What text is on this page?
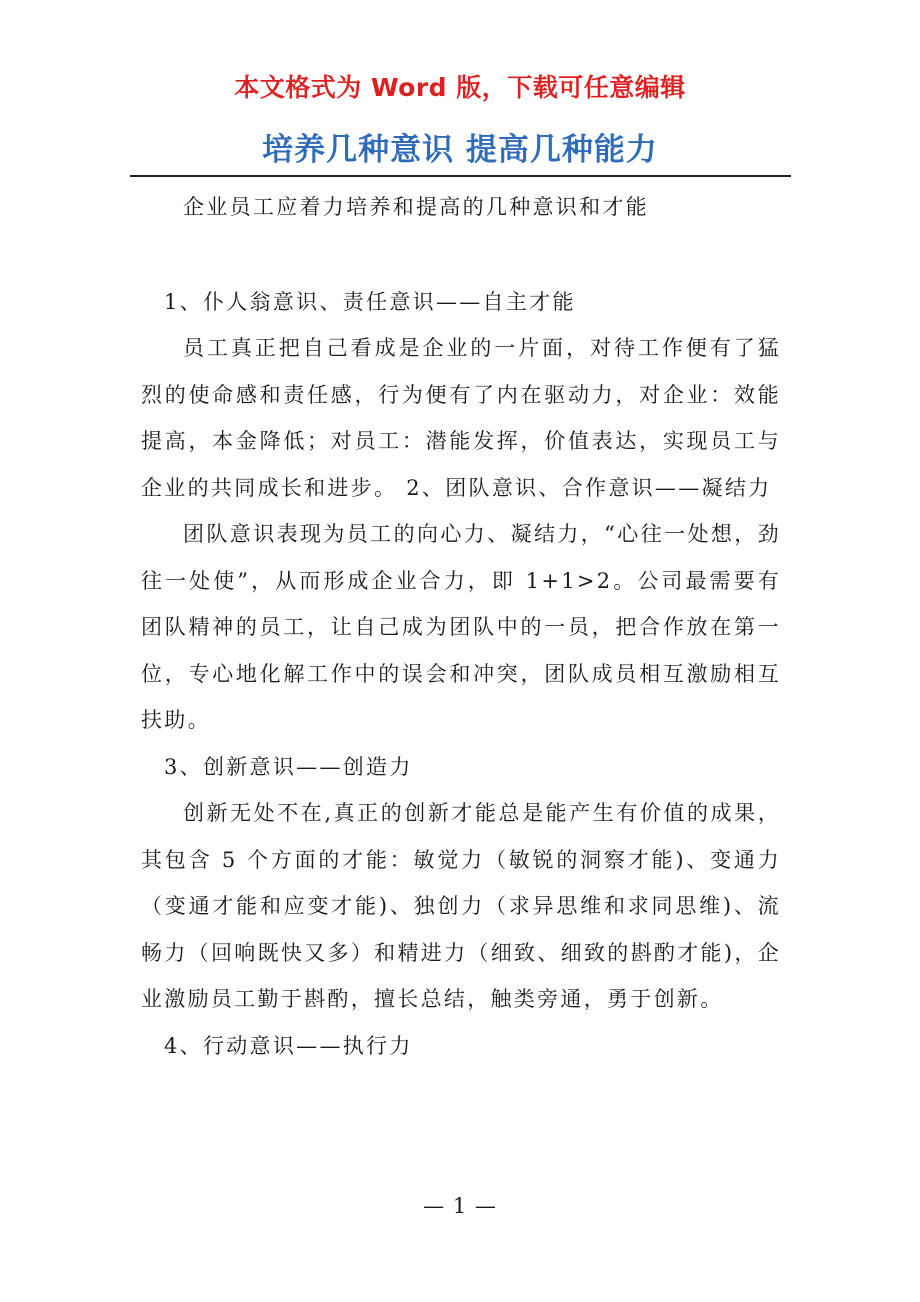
本文格式为 Word 版，下载可任意编辑
培养几种意识 提高几种能力

企业员工应着力培养和提高的几种意识和才能

1、仆人翁意识、责任意识——自主才能

员工真正把自己看成是企业的一片面，对待工作便有了猛烈的使命感和责任感，行为便有了内在驱动力，对企业：效能提高，本金降低；对员工：潜能发挥，价值表达，实现员工与企业的共同成长和进步。 2、团队意识、合作意识——凝结力

团队意识表现为员工的向心力、凝结力，“心往一处想，劲往一处使”，从而形成企业合力，即 1+1>2。公司最需要有团队精神的员工，让自己成为团队中的一员，把合作放在第一位，专心地化解工作中的误会和冲突，团队成员相互激励相互扶助。

3、创新意识——创造力

创新无处不在,真正的创新才能总是能产生有价值的成果，其包含 5 个方面的才能：敏觉力（敏锐的洞察才能)、变通力（变通才能和应变才能)、独创力（求异思维和求同思维)、流畅力（回响既快又多）和精进力（细致、细致的斟酌才能)，企业激励员工勤于斟酌，擅长总结，触类旁通，勇于创新。

4、行动意识——执行力

— 1 —
